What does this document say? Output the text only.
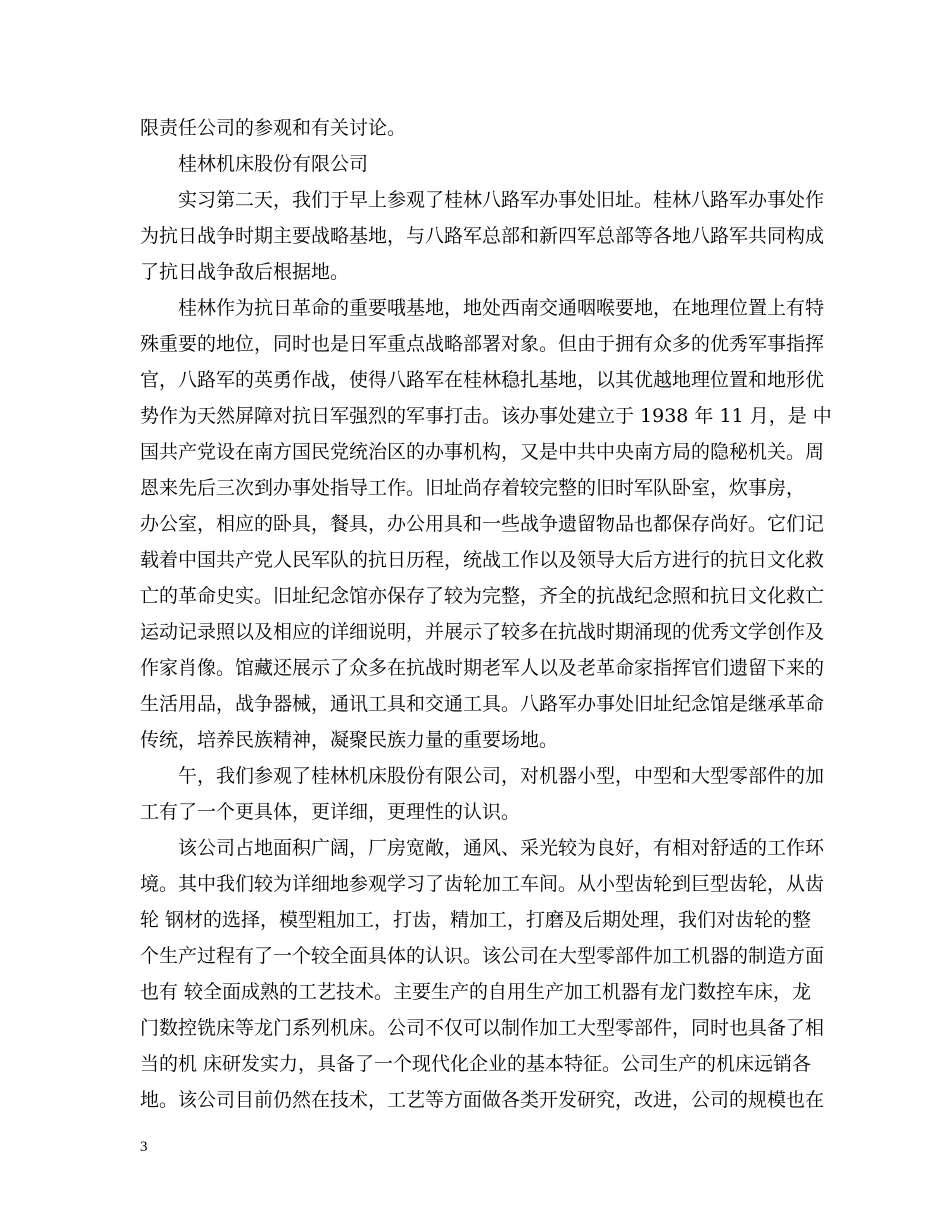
限责任公司的参观和有关讨论。
桂林机床股份有限公司
实习第二天，我们于早上参观了桂林八路军办事处旧址。桂林八路军办事处作
为抗日战争时期主要战略基地，与八路军总部和新四军总部等各地八路军共同构成
了抗日战争敌后根据地。
桂林作为抗日革命的重要哦基地，地处西南交通咽喉要地，在地理位置上有特
殊重要的地位，同时也是日军重点战略部署对象。但由于拥有众多的优秀军事指挥
官，八路军的英勇作战，使得八路军在桂林稳扎基地，以其优越地理位置和地形优
势作为天然屏障对抗日军强烈的军事打击。该办事处建立于 1938 年 11 月，是 中
国共产党设在南方国民党统治区的办事机构，又是中共中央南方局的隐秘机关。周
恩来先后三次到办事处指导工作。旧址尚存着较完整的旧时军队卧室，炊事房，
办公室，相应的卧具，餐具，办公用具和一些战争遗留物品也都保存尚好。它们记
载着中国共产党人民军队的抗日历程，统战工作以及领导大后方进行的抗日文化救
亡的革命史实。旧址纪念馆亦保存了较为完整，齐全的抗战纪念照和抗日文化救亡
运动记录照以及相应的详细说明，并展示了较多在抗战时期涌现的优秀文学创作及
作家肖像。馆藏还展示了众多在抗战时期老军人以及老革命家指挥官们遗留下来的
生活用品，战争器械，通讯工具和交通工具。八路军办事处旧址纪念馆是继承革命
传统，培养民族精神，凝聚民族力量的重要场地。
午，我们参观了桂林机床股份有限公司，对机器小型，中型和大型零部件的加
工有了一个更具体，更详细，更理性的认识。
该公司占地面积广阔，厂房宽敞，通风、采光较为良好，有相对舒适的工作环
境。其中我们较为详细地参观学习了齿轮加工车间。从小型齿轮到巨型齿轮，从齿
轮 钢材的选择，模型粗加工，打齿，精加工，打磨及后期处理，我们对齿轮的整
个生产过程有了一个较全面具体的认识。该公司在大型零部件加工机器的制造方面
也有 较全面成熟的工艺技术。主要生产的自用生产加工机器有龙门数控车床，龙
门数控铣床等龙门系列机床。公司不仅可以制作加工大型零部件，同时也具备了相
当的机 床研发实力，具备了一个现代化企业的基本特征。公司生产的机床远销各
地。该公司目前仍然在技术，工艺等方面做各类开发研究，改进，公司的规模也在
3
